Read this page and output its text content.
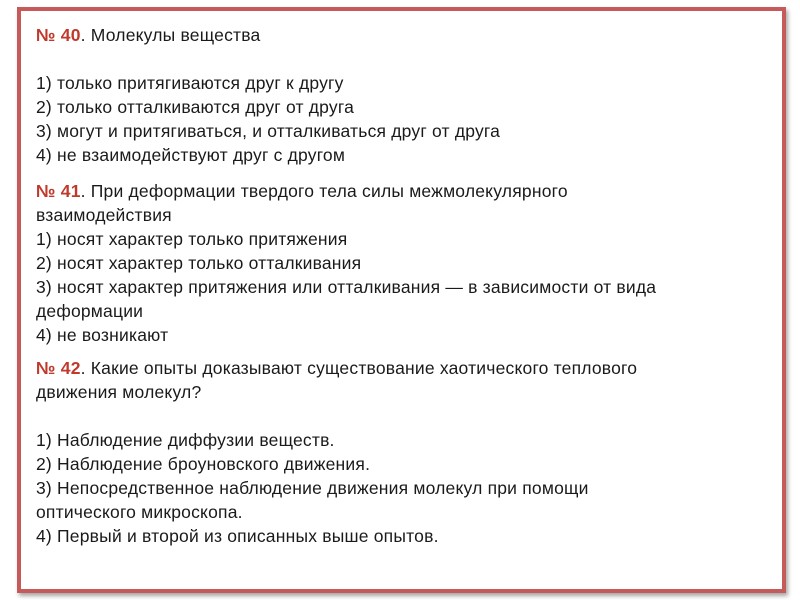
№ 40. Молекулы вещества
1) только притягиваются друг к другу
2) только отталкиваются друг от друга
3) могут и притягиваться, и отталкиваться друг от друга
4) не взаимодействуют друг с другом
№ 41. При деформации твердого тела силы межмолекулярного
взаимодействия
1) носят характер только притяжения
2) носят характер только отталкивания
3) носят характер притяжения или отталкивания — в зависимости от вида
деформации
4) не возникают
№ 42. Какие опыты доказывают существование хаотического теплового
движения молекул?
1) Наблюдение диффузии веществ.
2) Наблюдение броуновского движения.
3) Непосредственное наблюдение движения молекул при помощи
оптического микроскопа.
4) Первый и второй из описанных выше опытов.
